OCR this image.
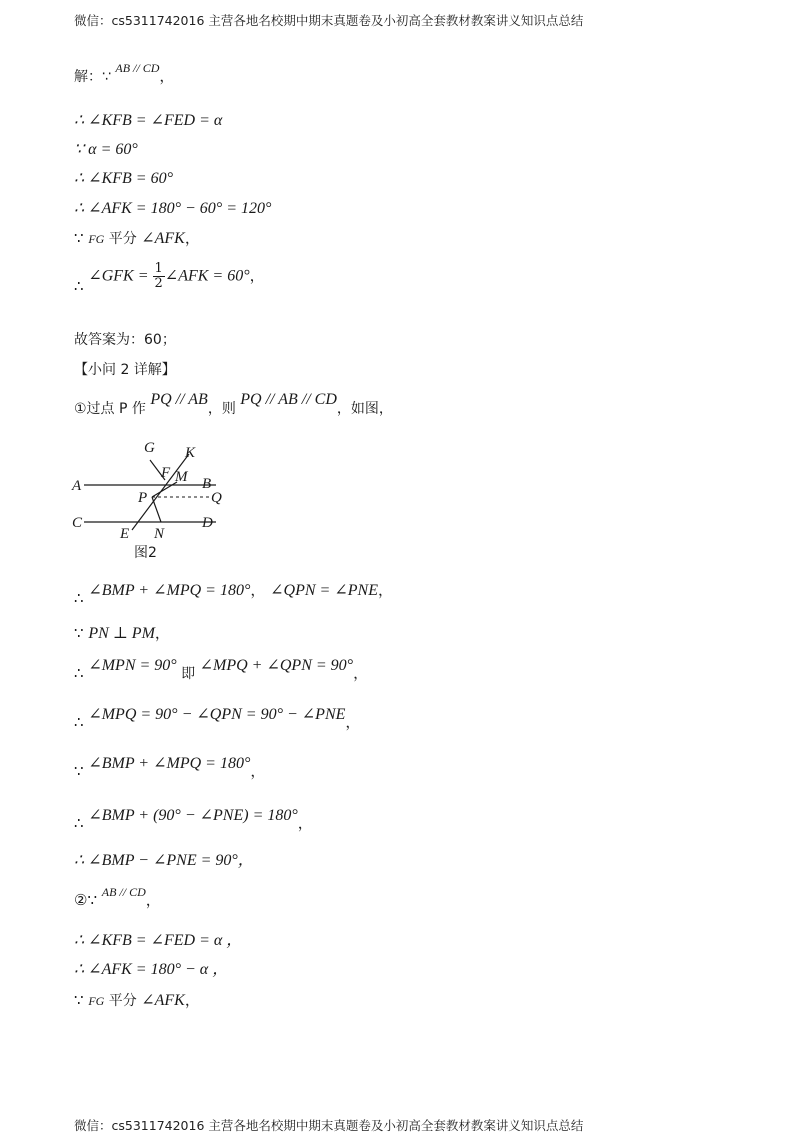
微信：cs5311742016 主营各地名校期中期末真题卷及小初高全套教材教案讲义知识点总结
解：∵ $^{AB // CD}$，
∴ ∠KFB = ∠FED = α
∵ α = 60°
∴ ∠KFB = 60°
∴ ∠AFK = 180° − 60° = 120°
∵ FG 平分 ∠AFK，
∴ ∠GFK = $\frac{1}{2}$ ∠AFK = 60°，
故答案为：60；
【小问 2 详解】
①过点 P 作 PQ // AB，则 PQ // AB // CD，如图，
G K
F M
A	B
P	Q
C	D
E N
图2
∴ ∠BMP + ∠MPQ = 180°， ∠QPN = ∠PNE，
∵ PN ⊥ PM，
∴ ∠MPN = 90° 即 ∠MPQ + ∠QPN = 90°，
∴ ∠MPQ = 90° − ∠QPN = 90° − ∠PNE，
∵ ∠BMP + ∠MPQ = 180°，
∴ ∠BMP + (90° − ∠PNE) = 180°，
∴ ∠BMP − ∠PNE = 90°，
②∵ $^{AB // CD}$，
∴ ∠KFB = ∠FED = α ，
∴ ∠AFK = 180° − α ，
∵ FG 平分 ∠AFK，
微信：cs5311742016 主营各地名校期中期末真题卷及小初高全套教材教案讲义知识点总结
